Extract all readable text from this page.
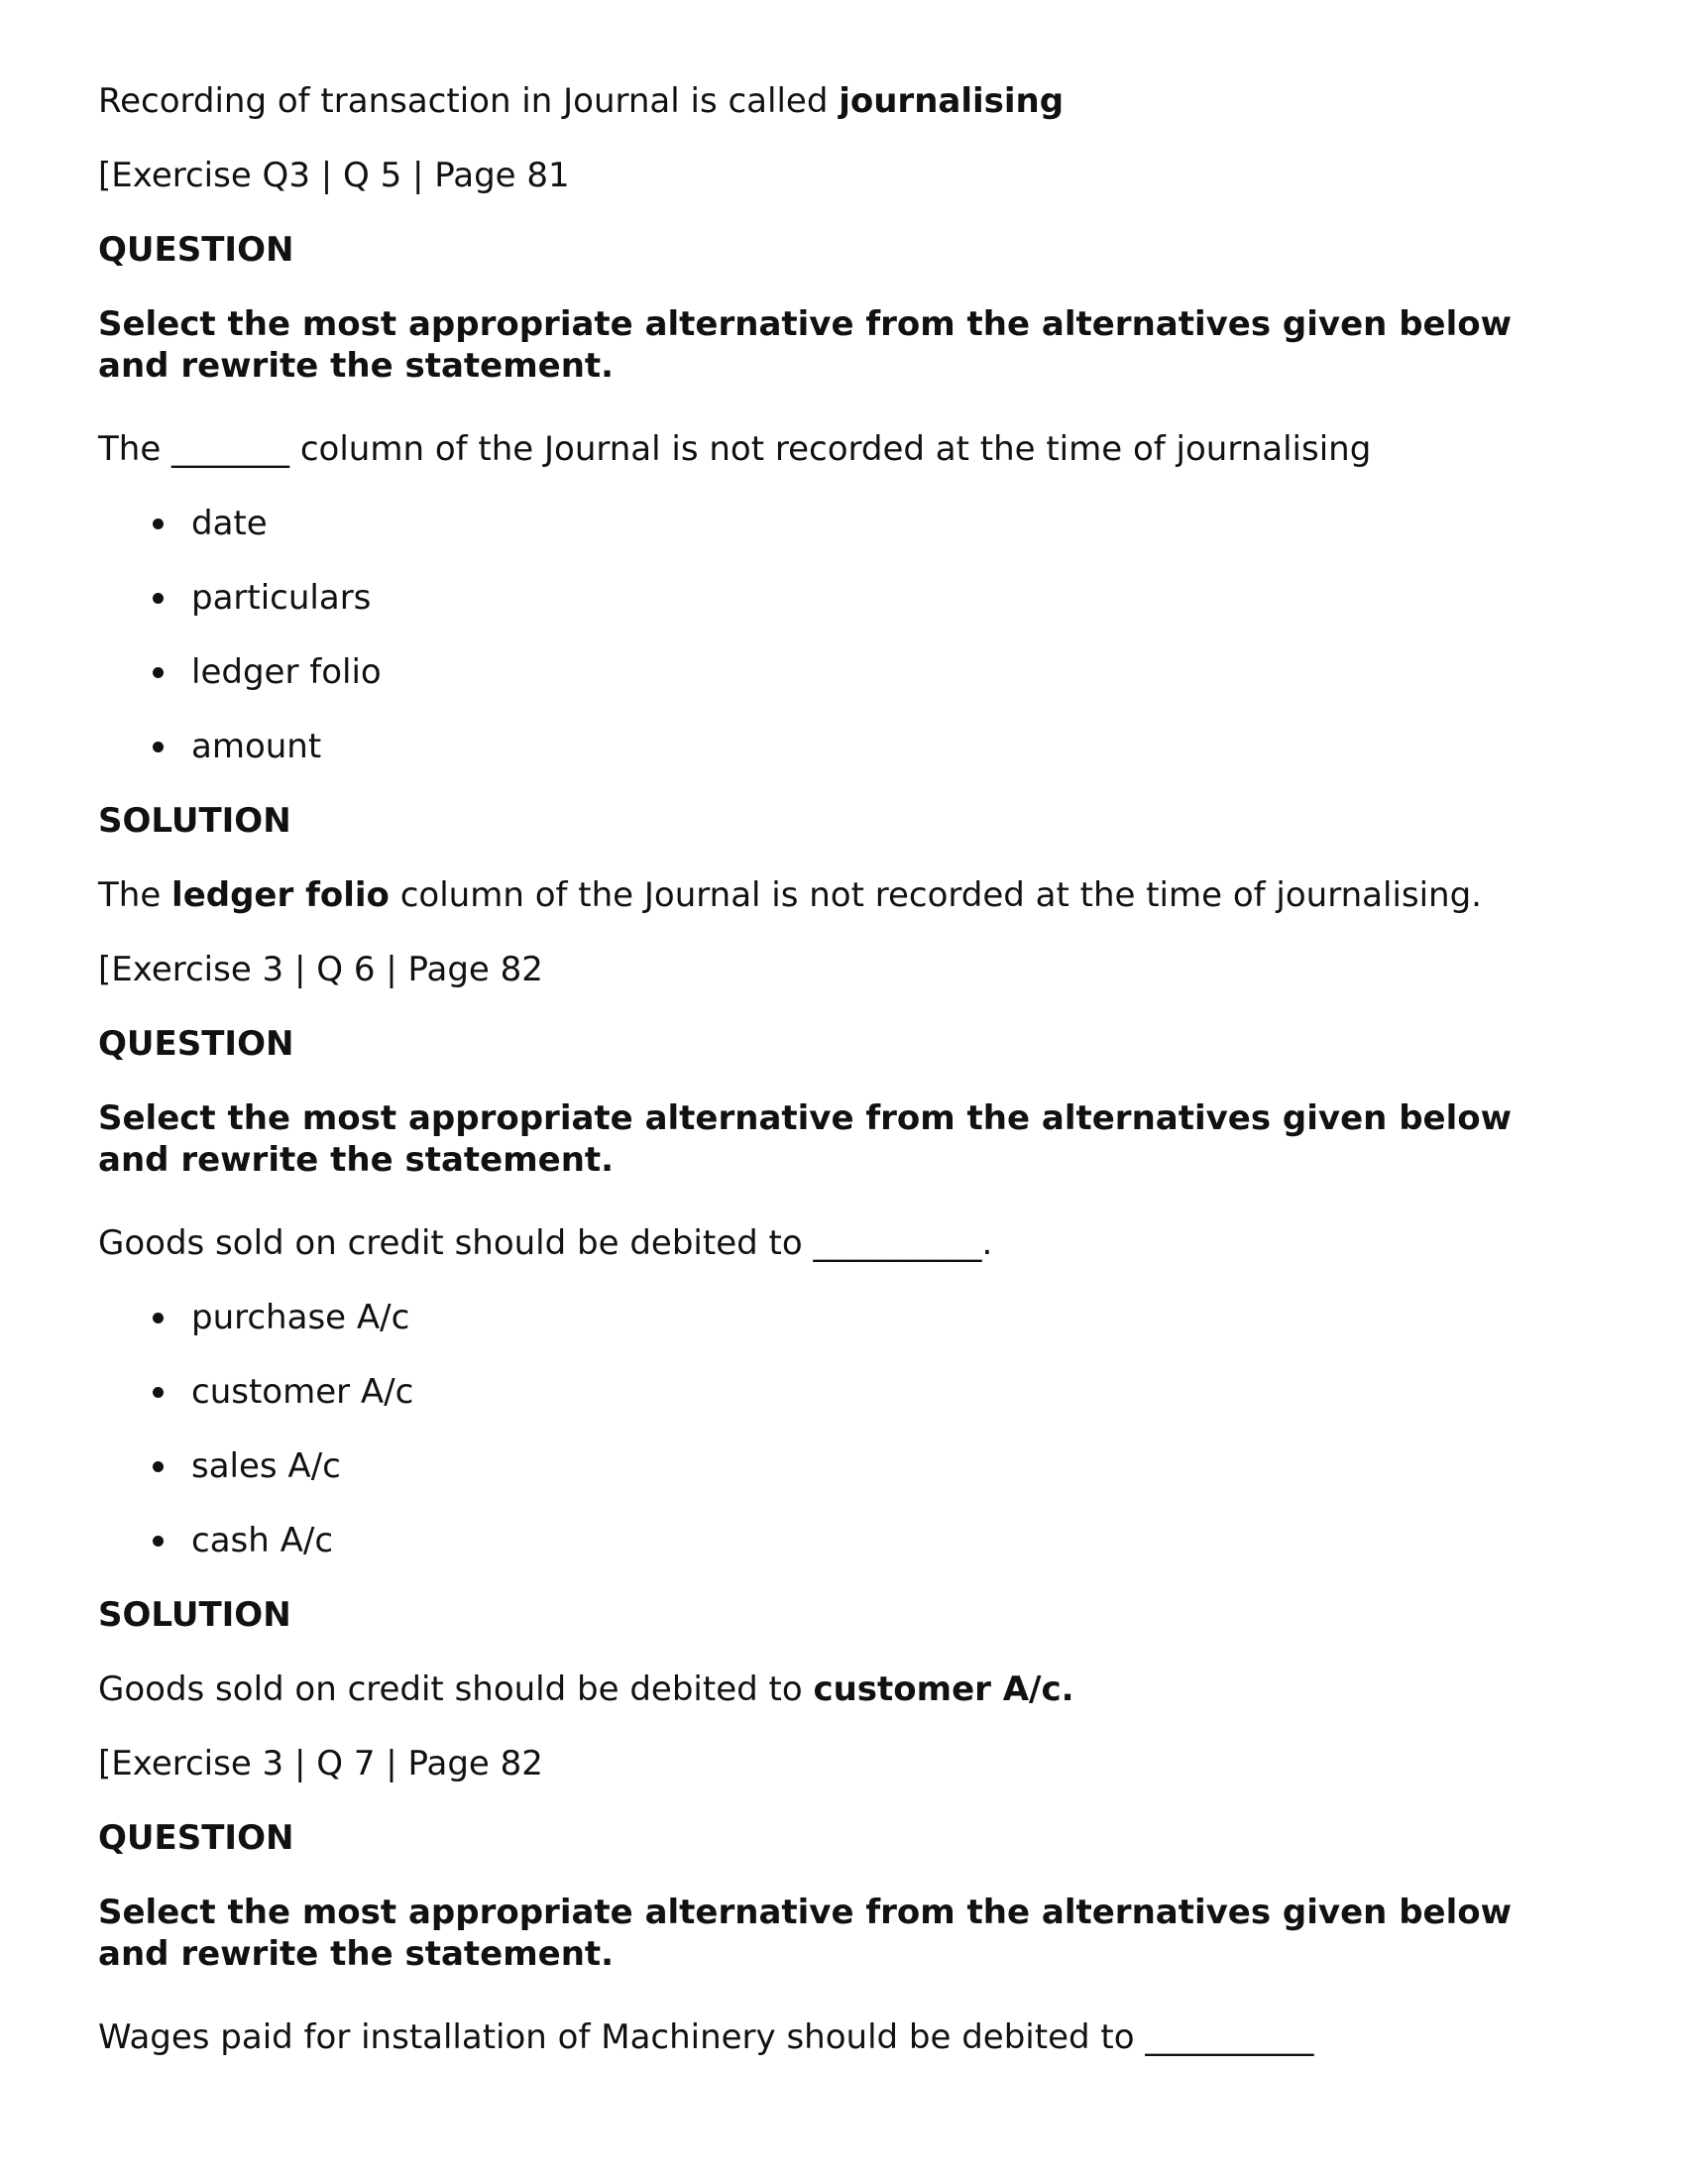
Recording of transaction in Journal is called journalising
[Exercise Q3 | Q 5 | Page 81
QUESTION
Select the most appropriate alternative from the alternatives given below and rewrite the statement.
The _______ column of the Journal is not recorded at the time of journalising
date
particulars
ledger folio
amount
SOLUTION
The ledger folio column of the Journal is not recorded at the time of journalising.
[Exercise 3 | Q 6 | Page 82
QUESTION
Select the most appropriate alternative from the alternatives given below and rewrite the statement.
Goods sold on credit should be debited to __________.
purchase A/c
customer A/c
sales A/c
cash A/c
SOLUTION
Goods sold on credit should be debited to customer A/c.
[Exercise 3 | Q 7 | Page 82
QUESTION
Select the most appropriate alternative from the alternatives given below and rewrite the statement.
Wages paid for installation of Machinery should be debited to __________
